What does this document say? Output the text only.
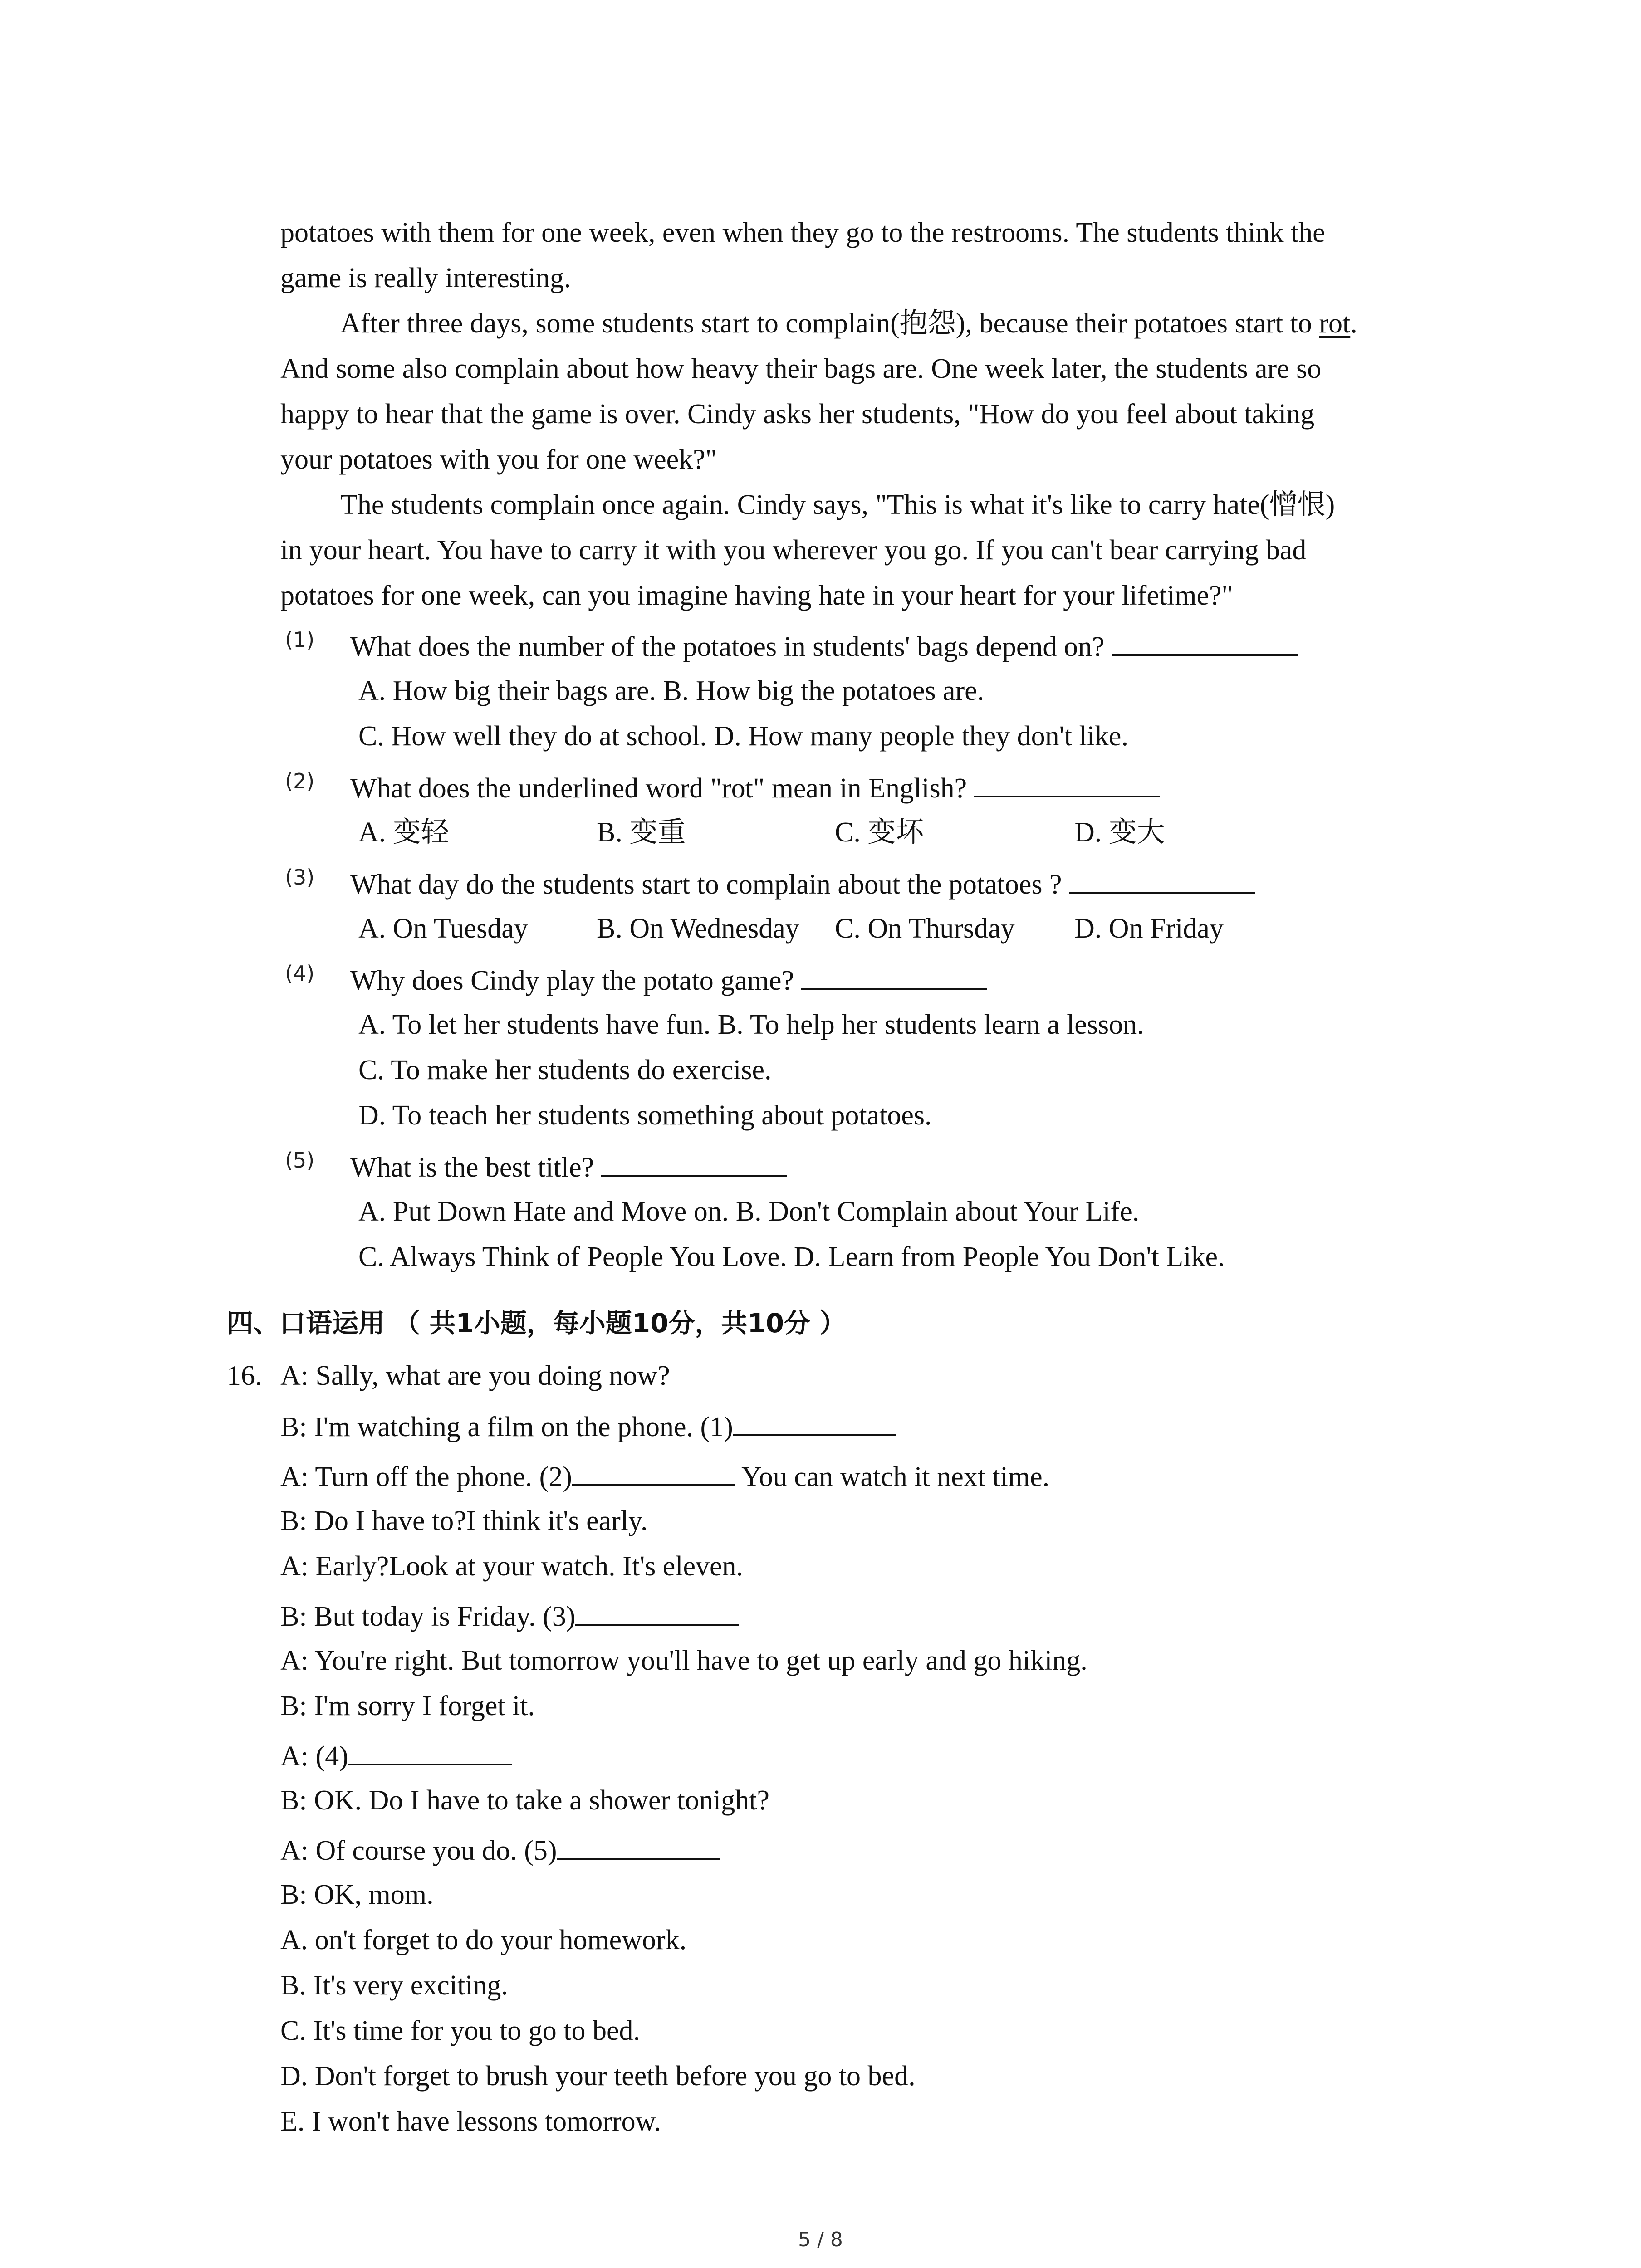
potatoes with them for one week, even when they go to the restrooms. The students think the

game is really interesting.

After three days, some students start to complain(抱怨), because their potatoes start to rot.

And some also complain about how heavy their bags are. One week later, the students are so

happy to hear that the game is over. Cindy asks her students, "How do you feel about taking

your potatoes with you for one week?"

The students complain once again. Cindy says, "This is what it's like to carry hate(憎恨)

in your heart. You have to carry it with you wherever you go. If you can't bear carrying bad

potatoes for one week, can you imagine having hate in your heart for your lifetime?"

(1) What does the number of the potatoes in students' bags depend on?

A. How big their bags are. B. How big the potatoes are.

C. How well they do at school. D. How many people they don't like.

(2) What does the underlined word "rot" mean in English?

A. 变轻	B. 变重	C. 变坏	D. 变大

(3) What day do the students start to complain about the potatoes ?

A. On Tuesday B. On Wednesday C. On Thursday D. On Friday

(4) Why does Cindy play the potato game?

A. To let her students have fun. B. To help her students learn a lesson.

C. To make her students do exercise.

D. To teach her students something about potatoes.

(5) What is the best title?

A. Put Down Hate and Move on. B. Don't Complain about Your Life.

C. Always Think of People You Love. D. Learn from People You Don't Like.

四、口语运用 （ 共1小题，每小题10分，共10分 ）

16.

5 / 8

A: Sally, what are you doing now?

B: I'm watching a film on the phone. (1)

A: Turn off the phone. (2)	You can watch it next time.

B: Do I have to?I think it's early.

A: Early?Look at your watch. It's eleven.

B: But today is Friday. (3)

A: You're right. But tomorrow you'll have to get up early and go hiking.

B: I'm sorry I forget it.

A: (4)

B: OK. Do I have to take a shower tonight?

A: Of course you do. (5)

B: OK, mom.

A. on't forget to do your homework.

B. It's very exciting.

C. It's time for you to go to bed.

D. Don't forget to brush your teeth before you go to bed.

E. I won't have lessons tomorrow.
